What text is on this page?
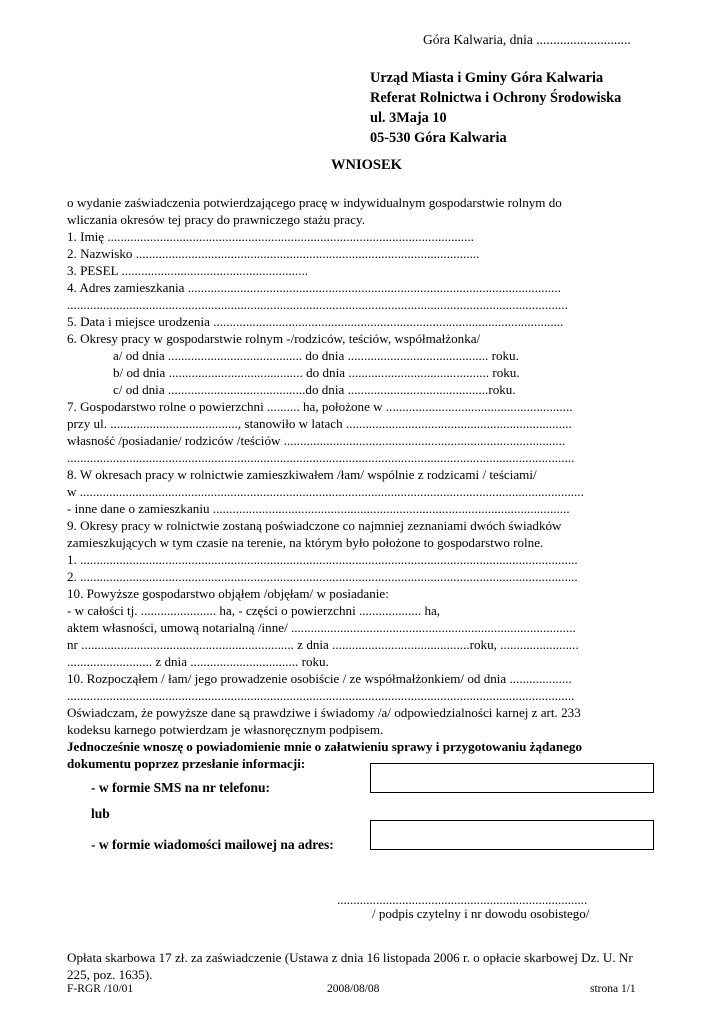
Góra Kalwaria, dnia ............................
Urząd Miasta i Gminy Góra Kalwaria
Referat Rolnictwa i Ochrony Środowiska
ul. 3Maja 10
05-530 Góra Kalwaria
WNIOSEK
o wydanie zaświadczenia potwierdzającego pracę w indywidualnym gospodarstwie rolnym do
wliczania okresów tej pracy do prawniczego stażu pracy.
1. Imię ................................................................................................................
2. Nazwisko .........................................................................................................
3. PESEL .........................................................
4. Adres zamieszkania ..................................................................................................................
.........................................................................................................................................................
5. Data i miejsce urodzenia ...........................................................................................................
6. Okresy pracy w gospodarstwie rolnym -/rodziców, teściów, współmałżonka/
a/ od dnia ......................................... do dnia ........................................... roku.
b/ od dnia ......................................... do dnia ........................................... roku.
c/ od dnia ..........................................do dnia ...........................................roku.
7. Gospodarstwo rolne o powierzchni .......... ha, położone w .........................................................
przy ul. ......................................., stanowiło w latach .....................................................................
własność /posiadanie/ rodziców /teściów ......................................................................................
...........................................................................................................................................................
8. W okresach pracy w rolnictwie zamieszkiwałem /łam/ wspólnie z rodzicami / teściami/
w ..........................................................................................................................................................
- inne dane o zamieszkaniu .............................................................................................................
9. Okresy pracy w rolnictwie zostaną poświadczone co najmniej zeznaniami dwóch świadków
zamieszkujących w tym czasie na terenie, na którym było położone to gospodarstwo rolne.
1. ........................................................................................................................................................
2. ........................................................................................................................................................
10. Powyższe gospodarstwo objąłem /objęłam/ w posiadanie:
- w całości tj. ....................... ha, - części o powierzchni ................... ha,
aktem własności, umową notarialną /inne/ .......................................................................................
nr ................................................................. z dnia ..........................................roku, ........................
.......................... z dnia ................................. roku.
10. Rozpocząłem / łam/ jego prowadzenie osobiście / ze współmałżonkiem/ od dnia ...................
...........................................................................................................................................................
Oświadczam, że powyższe dane są prawdziwe i świadomy /a/ odpowiedzialności karnej z art. 233
kodeksu karnego potwierdzam je własnoręcznym podpisem.
Jednocześnie wnoszę o powiadomienie mnie o załatwieniu sprawy i przygotowaniu żądanego
dokumentu poprzez przesłanie informacji:
- w formie SMS na nr telefonu:
lub
- w formie wiadomości mailowej na adres:
.............................................................................
/ podpis czytelny i nr dowodu osobistego/
Opłata skarbowa 17 zł. za zaświadczenie (Ustawa z dnia 16 listopada 2006 r. o opłacie skarbowej Dz. U. Nr
225, poz. 1635).
F-RGR /10/01	2008/08/08	strona 1/1
